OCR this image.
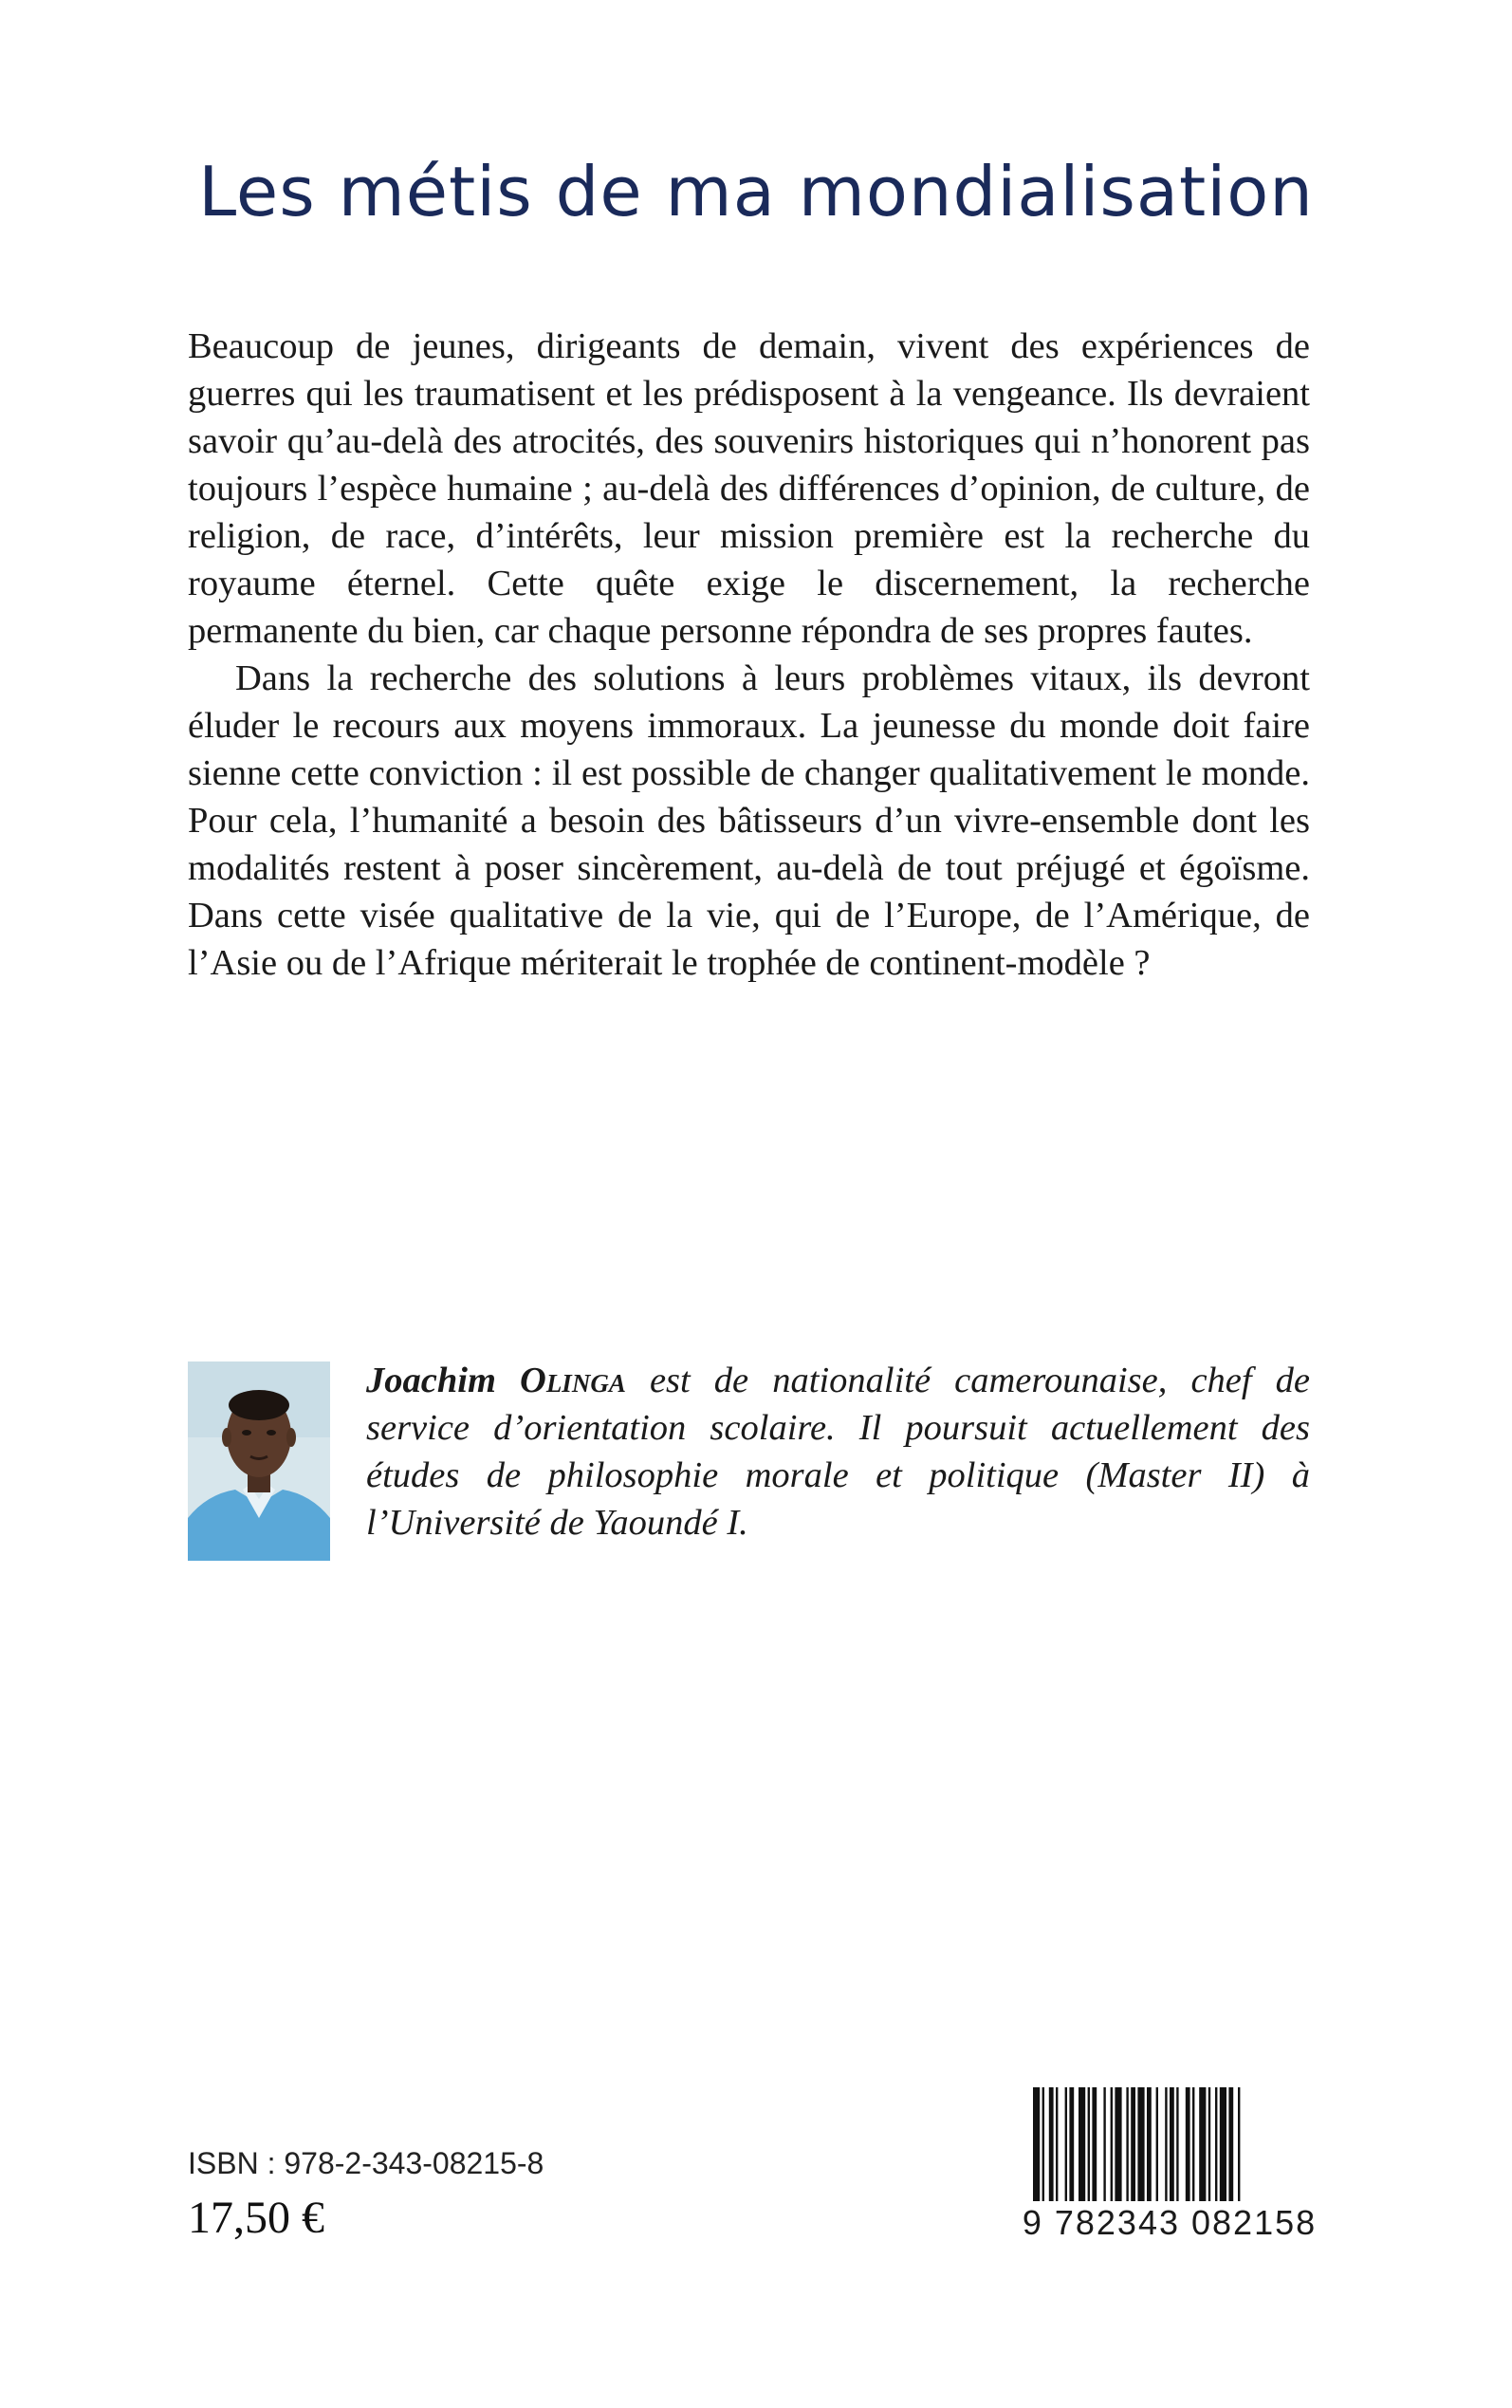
Les métis de ma mondialisation

Beaucoup de jeunes, dirigeants de demain, vivent des expériences de guerres qui les traumatisent et les prédisposent à la vengeance. Ils devraient savoir qu’au-delà des atrocités, des souvenirs historiques qui n’honorent pas toujours l’espèce humaine ; au-delà des différences d’opinion, de culture, de religion, de race, d’intérêts, leur mission première est la recherche du royaume éternel. Cette quête exige le discernement, la recherche permanente du bien, car chaque personne répondra de ses propres fautes.

Dans la recherche des solutions à leurs problèmes vitaux, ils devront éluder le recours aux moyens immoraux. La jeunesse du monde doit faire sienne cette conviction : il est possible de changer qualitativement le monde. Pour cela, l’humanité a besoin des bâtisseurs d’un vivre-ensemble dont les modalités restent à poser sincèrement, au-delà de tout préjugé et égoïsme. Dans cette visée qualitative de la vie, qui de l’Europe, de l’Amérique, de l’Asie ou de l’Afrique mériterait le trophée de continent-modèle ?

Joachim Olinga est de nationalité camerounaise, chef de service d’orientation scolaire. Il poursuit actuellement des études de philosophie morale et politique (Master II) à l’Université de Yaoundé I.
ISBN : 978-2-343-08215-8
17,50 €	9 782343 082158
